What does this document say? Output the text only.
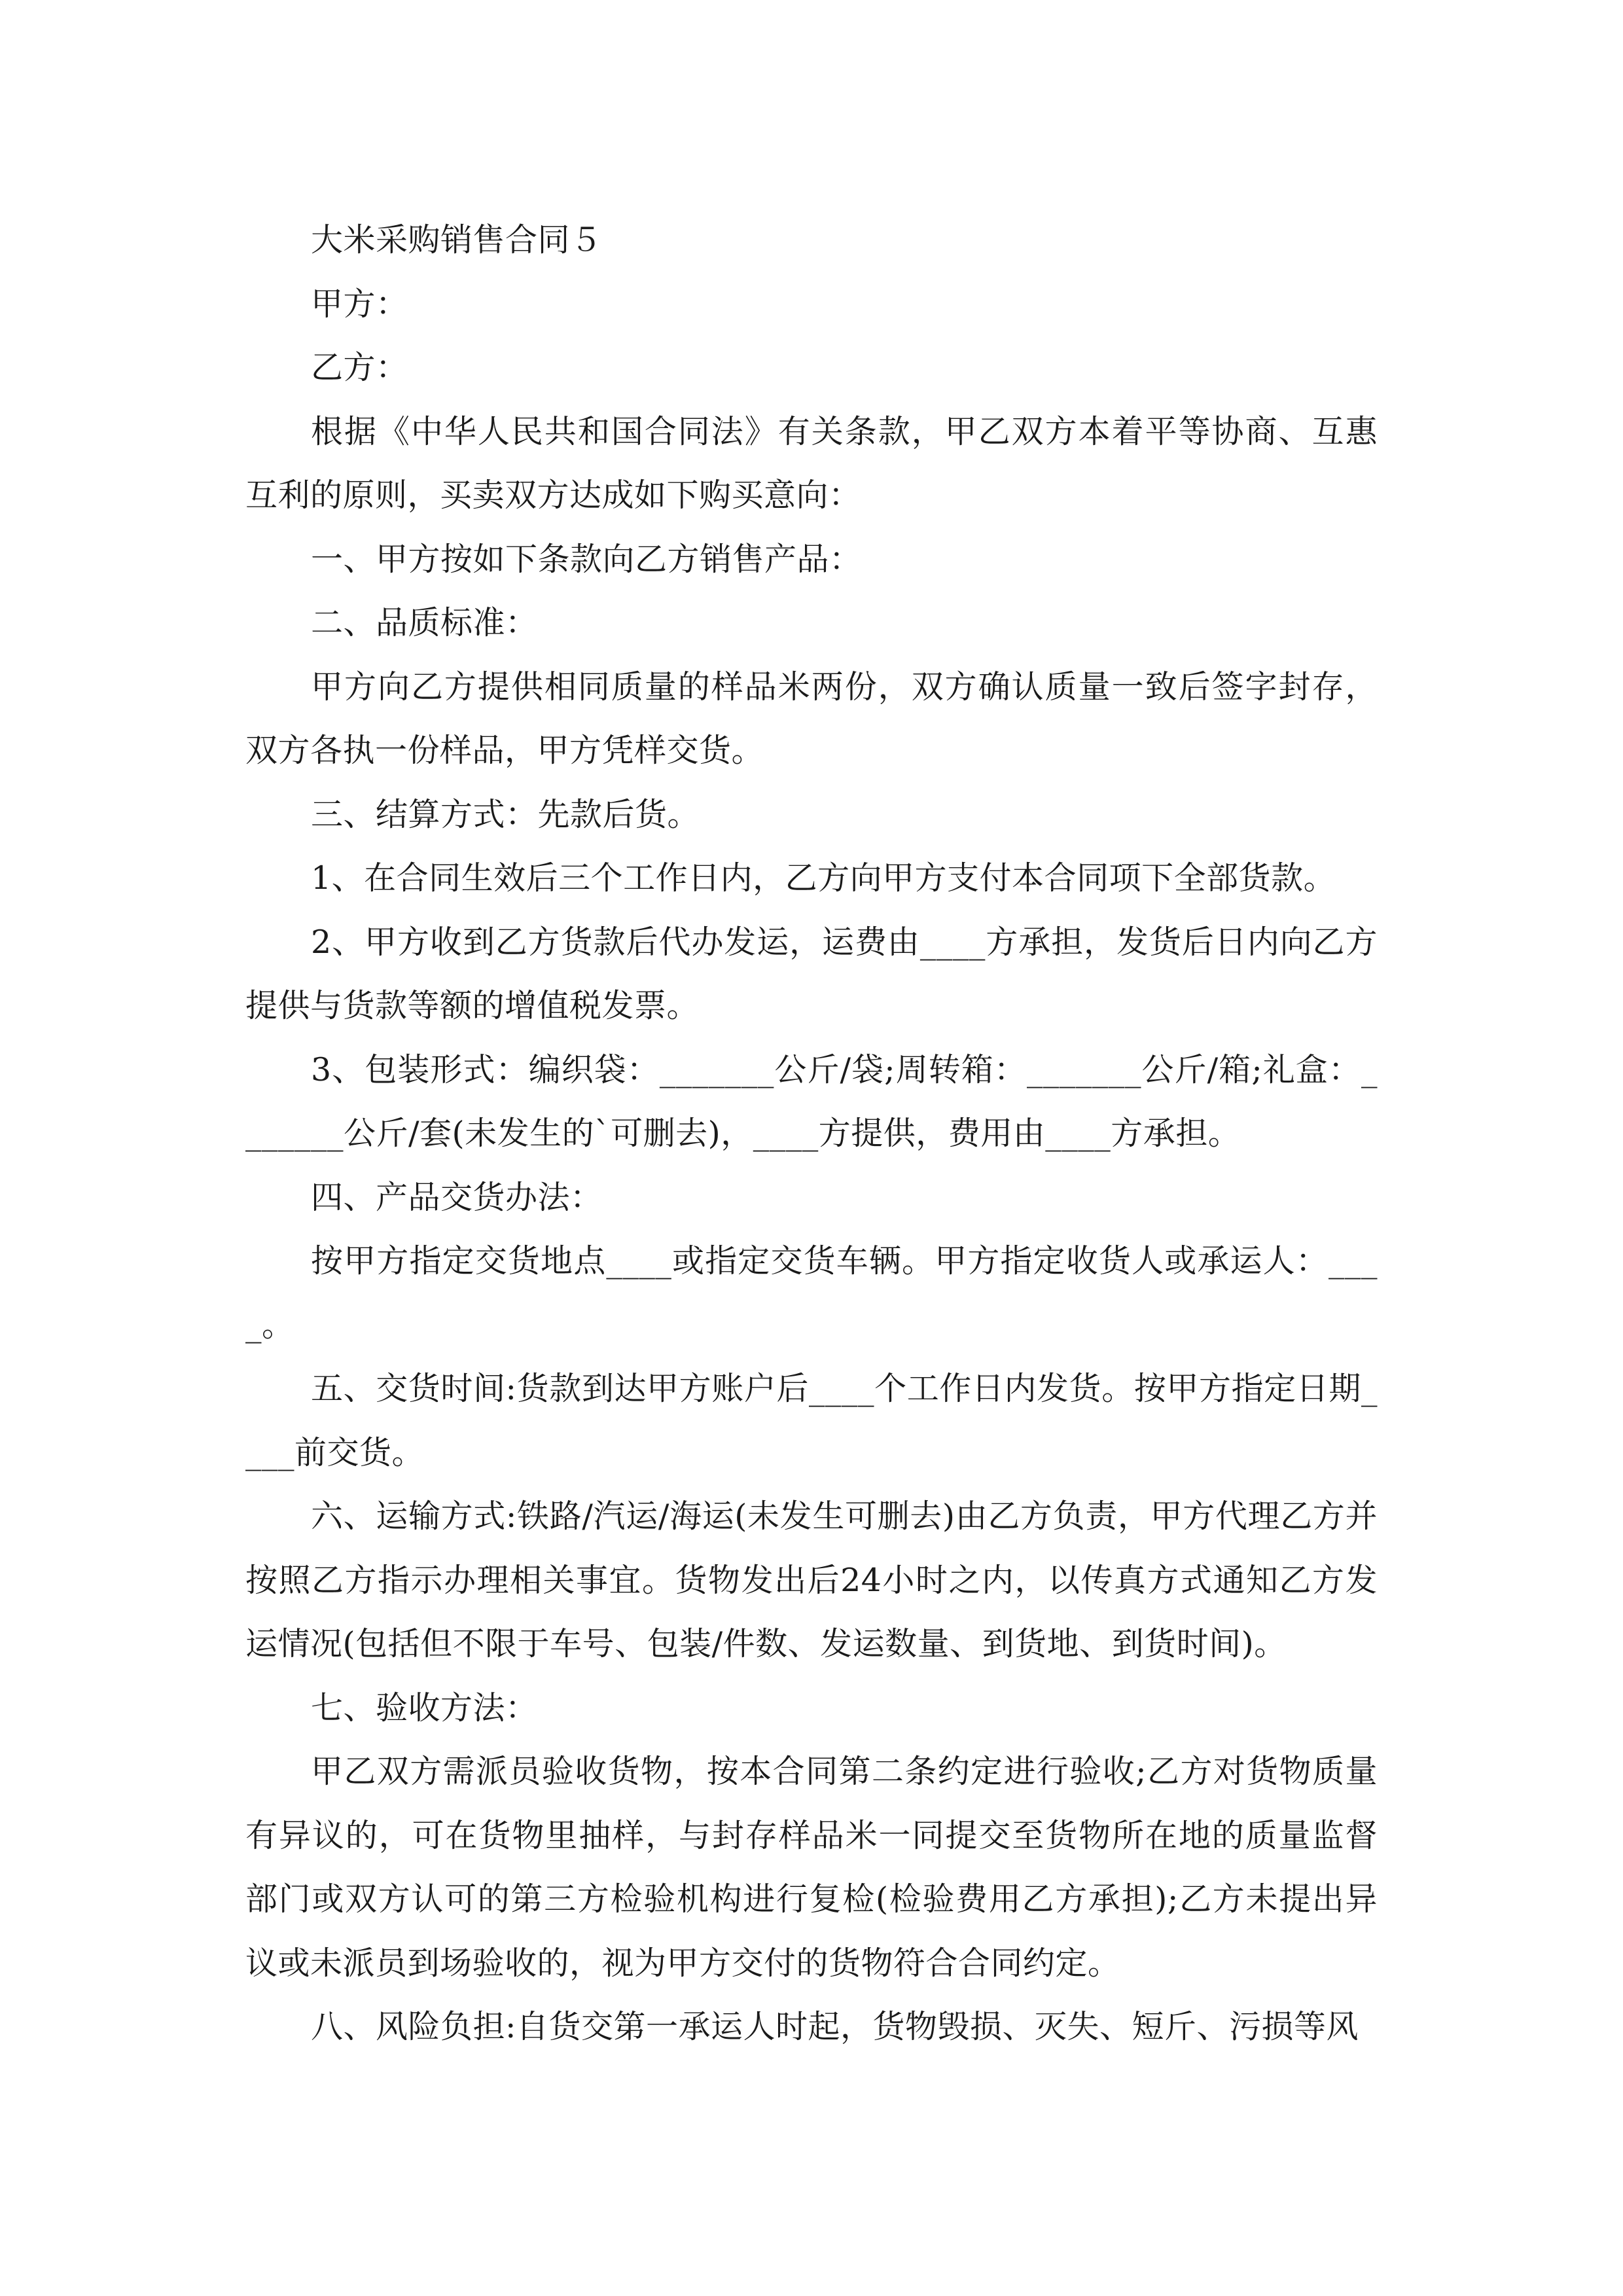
大米采购销售合同５

甲方：

乙方：

根据《中华人民共和国合同法》有关条款，甲乙双方本着平等协商、互惠互利的原则，买卖双方达成如下购买意向：

一、甲方按如下条款向乙方销售产品：

二、品质标准：

甲方向乙方提供相同质量的样品米两份，双方确认质量一致后签字封存，双方各执一份样品，甲方凭样交货。

三、结算方式：先款后货。

1、在合同生效后三个工作日内，乙方向甲方支付本合同项下全部货款。

2、甲方收到乙方货款后代办发运，运费由____方承担，发货后日内向乙方提供与货款等额的增值税发票。

3、包装形式：编织袋：_______公斤/袋;周转箱：_______公斤/箱;礼盒：_______公斤/套(未发生的`可删去)，____方提供，费用由____方承担。

四、产品交货办法：

按甲方指定交货地点____或指定交货车辆。甲方指定收货人或承运人：____。

五、交货时间:货款到达甲方账户后____个工作日内发货。按甲方指定日期____前交货。

六、运输方式:铁路/汽运/海运(未发生可删去)由乙方负责，甲方代理乙方并按照乙方指示办理相关事宜。货物发出后24小时之内，以传真方式通知乙方发运情况(包括但不限于车号、包装/件数、发运数量、到货地、到货时间)。

七、验收方法：

甲乙双方需派员验收货物，按本合同第二条约定进行验收;乙方对货物质量有异议的，可在货物里抽样，与封存样品米一同提交至货物所在地的质量监督部门或双方认可的第三方检验机构进行复检(检验费用乙方承担);乙方未提出异议或未派员到场验收的，视为甲方交付的货物符合合同约定。

八、风险负担:自货交第一承运人时起，货物毁损、灭失、短斤、污损等风
